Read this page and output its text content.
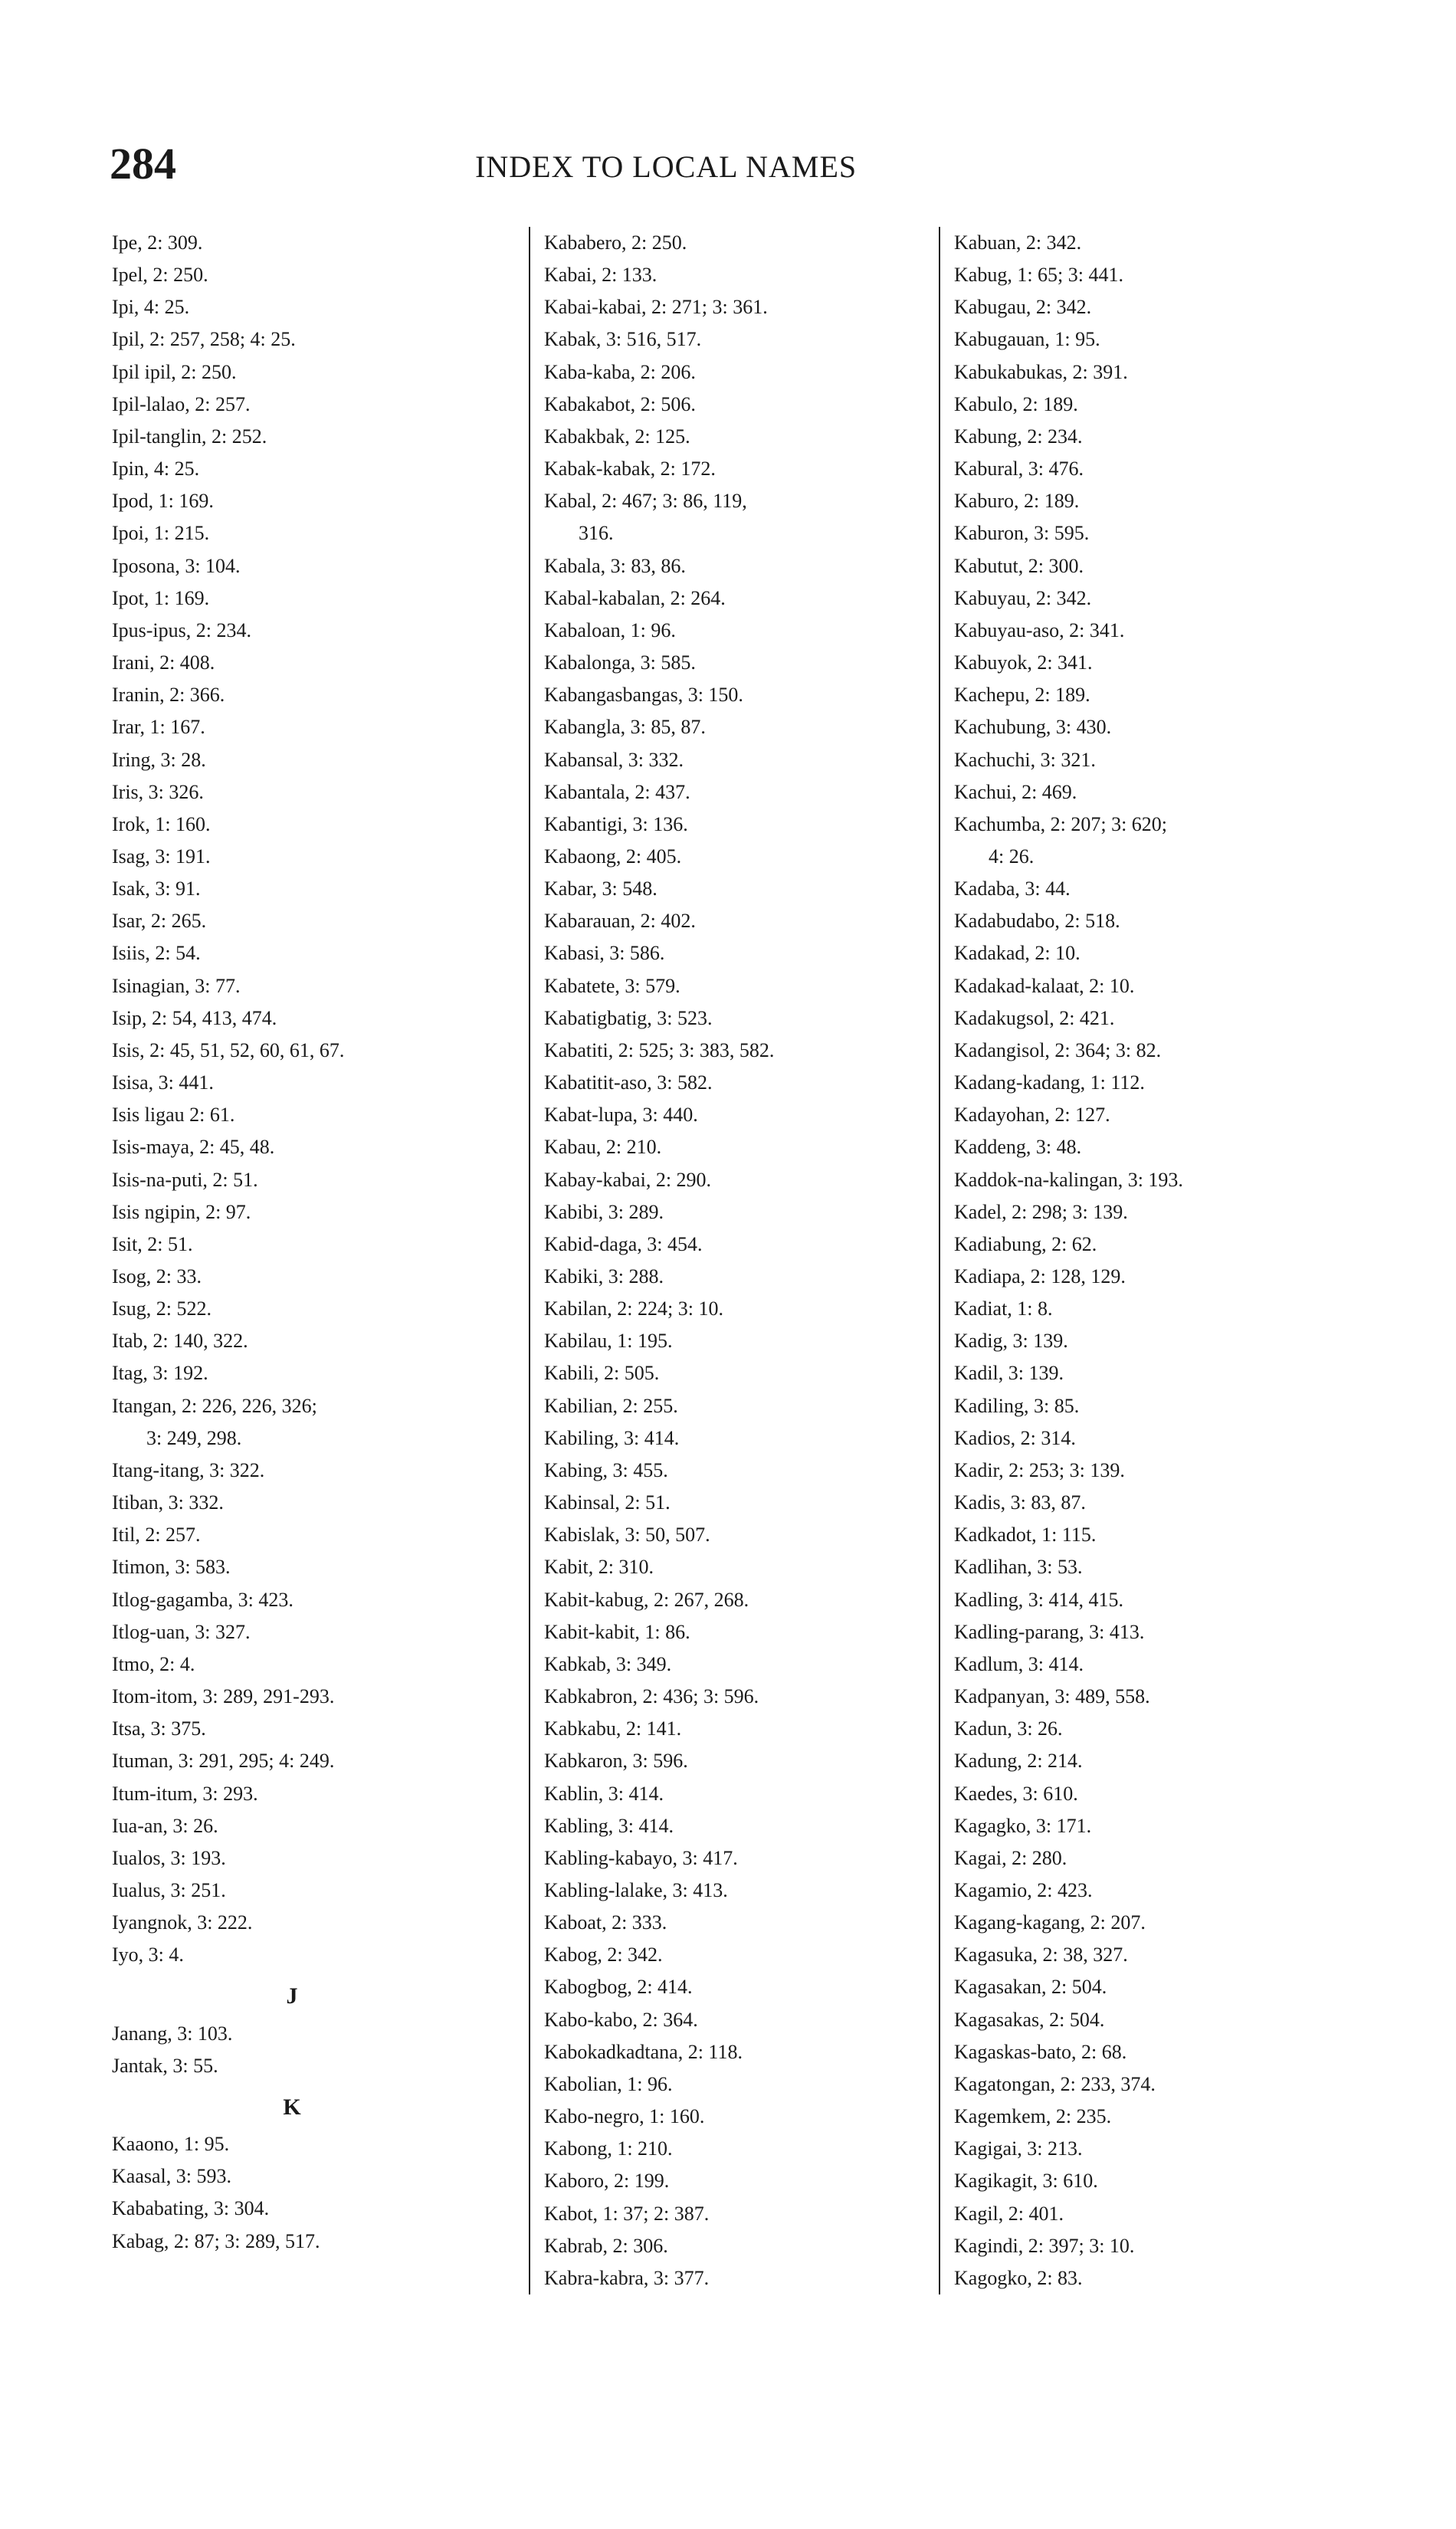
284	INDEX TO LOCAL NAMES
Ipe, 2: 309.
Ipel, 2: 250.
Ipi, 4: 25.
Ipil, 2: 257, 258; 4: 25.
Ipil ipil, 2: 250.
Ipil-lalao, 2: 257.
Ipil-tanglin, 2: 252.
Ipin, 4: 25.
Ipod, 1: 169.
Ipoi, 1: 215.
Iposona, 3: 104.
Ipot, 1: 169.
Ipus-ipus, 2: 234.
Irani, 2: 408.
Iranin, 2: 366.
Irar, 1: 167.
Iring, 3: 28.
Iris, 3: 326.
Irok, 1: 160.
Isag, 3: 191.
Isak, 3: 91.
Isar, 2: 265.
Isiis, 2: 54.
Isinagian, 3: 77.
Isip, 2: 54, 413, 474.
Isis, 2: 45, 51, 52, 60, 61, 67.
Isisa, 3: 441.
Isis ligau 2: 61.
Isis-maya, 2: 45, 48.
Isis-na-puti, 2: 51.
Isis ngipin, 2: 97.
Isit, 2: 51.
Isog, 2: 33.
Isug, 2: 522.
Itab, 2: 140, 322.
Itag, 3: 192.
Itangan, 2: 226, 226, 326;
3: 249, 298.
Itang-itang, 3: 322.
Itiban, 3: 332.
Itil, 2: 257.
Itimon, 3: 583.
Itlog-gagamba, 3: 423.
Itlog-uan, 3: 327.
Itmo, 2: 4.
Itom-itom, 3: 289, 291-293.
Itsa, 3: 375.
Ituman, 3: 291, 295; 4: 249.
Itum-itum, 3: 293.
Iua-an, 3: 26.
Iualos, 3: 193.
Iualus, 3: 251.
Iyangnok, 3: 222.
Iyo, 3: 4.
J
Janang, 3: 103.
Jantak, 3: 55.
K
Kaaono, 1: 95.
Kaasal, 3: 593.
Kababating, 3: 304.
Kabag, 2: 87; 3: 289, 517.
Kababero, 2: 250.
Kabai, 2: 133.
Kabai-kabai, 2: 271; 3: 361.
Kabak, 3: 516, 517.
Kaba-kaba, 2: 206.
Kabakabot, 2: 506.
Kabakbak, 2: 125.
Kabak-kabak, 2: 172.
Kabal, 2: 467; 3: 86, 119,
316.
Kabala, 3: 83, 86.
Kabal-kabalan, 2: 264.
Kabaloan, 1: 96.
Kabalonga, 3: 585.
Kabangasbangas, 3: 150.
Kabangla, 3: 85, 87.
Kabansal, 3: 332.
Kabantala, 2: 437.
Kabantigi, 3: 136.
Kabaong, 2: 405.
Kabar, 3: 548.
Kabarauan, 2: 402.
Kabasi, 3: 586.
Kabatete, 3: 579.
Kabatigbatig, 3: 523.
Kabatiti, 2: 525; 3: 383, 582.
Kabatitit-aso, 3: 582.
Kabat-lupa, 3: 440.
Kabau, 2: 210.
Kabay-kabai, 2: 290.
Kabibi, 3: 289.
Kabid-daga, 3: 454.
Kabiki, 3: 288.
Kabilan, 2: 224; 3: 10.
Kabilau, 1: 195.
Kabili, 2: 505.
Kabilian, 2: 255.
Kabiling, 3: 414.
Kabing, 3: 455.
Kabinsal, 2: 51.
Kabislak, 3: 50, 507.
Kabit, 2: 310.
Kabit-kabug, 2: 267, 268.
Kabit-kabit, 1: 86.
Kabkab, 3: 349.
Kabkabron, 2: 436; 3: 596.
Kabkabu, 2: 141.
Kabkaron, 3: 596.
Kablin, 3: 414.
Kabling, 3: 414.
Kabling-kabayo, 3: 417.
Kabling-lalake, 3: 413.
Kaboat, 2: 333.
Kabog, 2: 342.
Kabogbog, 2: 414.
Kabo-kabo, 2: 364.
Kabokadkadtana, 2: 118.
Kabolian, 1: 96.
Kabo-negro, 1: 160.
Kabong, 1: 210.
Kaboro, 2: 199.
Kabot, 1: 37; 2: 387.
Kabrab, 2: 306.
Kabra-kabra, 3: 377.
Kabuan, 2: 342.
Kabug, 1: 65; 3: 441.
Kabugau, 2: 342.
Kabugauan, 1: 95.
Kabukabukas, 2: 391.
Kabulo, 2: 189.
Kabung, 2: 234.
Kabural, 3: 476.
Kaburo, 2: 189.
Kaburon, 3: 595.
Kabutut, 2: 300.
Kabuyau, 2: 342.
Kabuyau-aso, 2: 341.
Kabuyok, 2: 341.
Kachepu, 2: 189.
Kachubung, 3: 430.
Kachuchi, 3: 321.
Kachui, 2: 469.
Kachumba, 2: 207; 3: 620;
4: 26.
Kadaba, 3: 44.
Kadabudabo, 2: 518.
Kadakad, 2: 10.
Kadakad-kalaat, 2: 10.
Kadakugsol, 2: 421.
Kadangisol, 2: 364; 3: 82.
Kadang-kadang, 1: 112.
Kadayohan, 2: 127.
Kaddeng, 3: 48.
Kaddok-na-kalingan, 3: 193.
Kadel, 2: 298; 3: 139.
Kadiabung, 2: 62.
Kadiapa, 2: 128, 129.
Kadiat, 1: 8.
Kadig, 3: 139.
Kadil, 3: 139.
Kadiling, 3: 85.
Kadios, 2: 314.
Kadir, 2: 253; 3: 139.
Kadis, 3: 83, 87.
Kadkadot, 1: 115.
Kadlihan, 3: 53.
Kadling, 3: 414, 415.
Kadling-parang, 3: 413.
Kadlum, 3: 414.
Kadpanyan, 3: 489, 558.
Kadun, 3: 26.
Kadung, 2: 214.
Kaedes, 3: 610.
Kagagko, 3: 171.
Kagai, 2: 280.
Kagamio, 2: 423.
Kagang-kagang, 2: 207.
Kagasuka, 2: 38, 327.
Kagasakan, 2: 504.
Kagasakas, 2: 504.
Kagaskas-bato, 2: 68.
Kagatongan, 2: 233, 374.
Kagemkem, 2: 235.
Kagigai, 3: 213.
Kagikagit, 3: 610.
Kagil, 2: 401.
Kagindi, 2: 397; 3: 10.
Kagogko, 2: 83.
